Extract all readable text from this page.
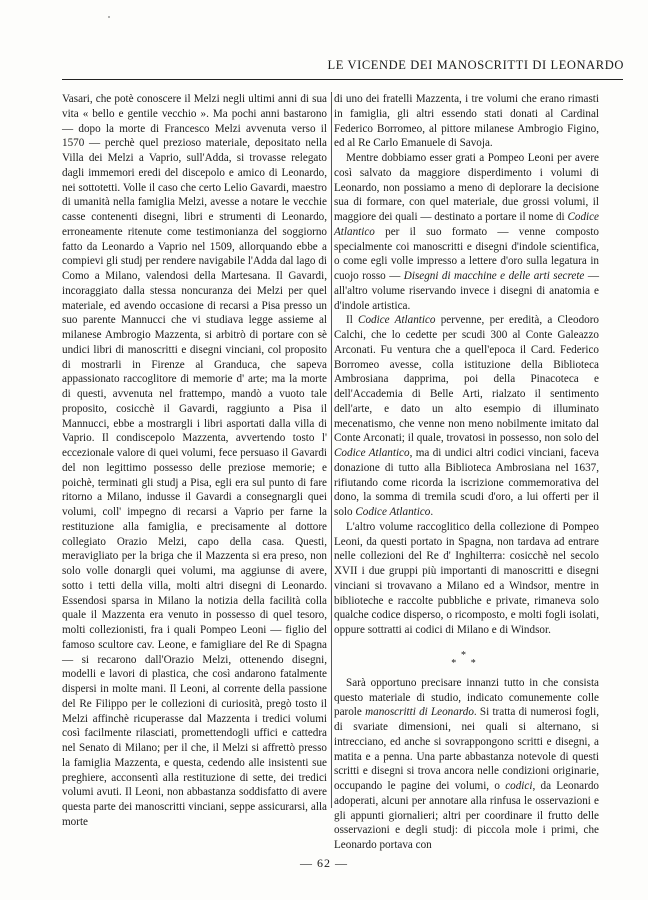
LE VICENDE DEI MANOSCRITTI DI LEONARDO

Vasari, che potè conoscere il Melzi negli ultimi anni di sua vita « bello e gentile vecchio ». Ma pochi anni bastarono — dopo la morte di Francesco Melzi avvenuta verso il 1570 — perchè quel prezioso materiale, depositato nella Villa dei Melzi a Vaprio, sull'Adda, si trovasse relegato dagli immemori eredi del discepolo e amico di Leonardo, nei sottotetti. Volle il caso che certo Lelio Gavardi, maestro di umanità nella famiglia Melzi, avesse a notare le vecchie casse contenenti disegni, libri e strumenti di Leonardo, erroneamente ritenute come testimonianza del soggiorno fatto da Leonardo a Vaprio nel 1509, allorquando ebbe a compievi gli studj per rendere navigabile l'Adda dal lago di Como a Milano, valendosi della Martesana. Il Gavardi, incoraggiato dalla stessa noncuranza dei Melzi per quel materiale, ed avendo occasione di recarsi a Pisa presso un suo parente Mannucci che vi studiava legge assieme al milanese Ambrogio Mazzenta, si arbitrò di portare con sè undici libri di manoscritti e disegni vinciani, col proposito di mostrarli in Firenze al Granduca, che sapeva appassionato raccoglitore di memorie d' arte; ma la morte di questi, avvenuta nel frattempo, mandò a vuoto tale proposito, cosicchè il Gavardi, raggiunto a Pisa il Mannucci, ebbe a mostrargli i libri asportati dalla villa di Vaprio. Il condiscepolo Mazzenta, avvertendo tosto l' eccezionale valore di quei volumi, fece persuaso il Gavardi del non legittimo possesso delle preziose memorie; e poichè, terminati gli studj a Pisa, egli era sul punto di fare ritorno a Milano, indusse il Gavardi a consegnargli quei volumi, coll' impegno di recarsi a Vaprio per farne la restituzione alla famiglia, e precisamente al dottore collegiato Orazio Melzi, capo della casa. Questi, meravigliato per la briga che il Mazzenta si era preso, non solo volle donargli quei volumi, ma aggiunse di avere, sotto i tetti della villa, molti altri disegni di Leonardo. Essendosi sparsa in Milano la notizia della facilità colla quale il Mazzenta era venuto in possesso di quel tesoro, molti collezionisti, fra i quali Pompeo Leoni — figlio del famoso scultore cav. Leone, e famigliare del Re di Spagna — si recarono dall'Orazio Melzi, ottenendo disegni, modelli e lavori di plastica, che così andarono fatalmente dispersi in molte mani. Il Leoni, al corrente della passione del Re Filippo per le collezioni di curiosità, pregò tosto il Melzi affinchè ricuperasse dal Mazzenta i tredici volumi così facilmente rilasciati, promettendogli uffici e cattedra nel Senato di Milano; per il che, il Melzi si affrettò presso la famiglia Mazzenta, e questa, cedendo alle insistenti sue preghiere, acconsentì alla restituzione di sette, dei tredici volumi avuti. Il Leoni, non abbastanza soddisfatto di avere questa parte dei manoscritti vinciani, seppe assicurarsi, alla morte

di uno dei fratelli Mazzenta, i tre volumi che erano rimasti in famiglia, gli altri essendo stati donati al Cardinal Federico Borromeo, al pittore milanese Ambrogio Figino, ed al Re Carlo Emanuele di Savoja.

Mentre dobbiamo esser grati a Pompeo Leoni per avere così salvato da maggiore disperdimento i volumi di Leonardo, non possiamo a meno di deplorare la decisione sua di formare, con quel materiale, due grossi volumi, il maggiore dei quali — destinato a portare il nome di Codice Atlantico per il suo formato — venne composto specialmente coi manoscritti e disegni d'indole scientifica, o come egli volle impresso a lettere d'oro sulla legatura in cuojo rosso — Disegni di macchine e delle arti secrete — all'altro volume riservando invece i disegni di anatomia e d'indole artistica.

Il Codice Atlantico pervenne, per eredità, a Cleodoro Calchi, che lo cedette per scudi 300 al Conte Galeazzo Arconati. Fu ventura che a quell'epoca il Card. Federico Borromeo avesse, colla istituzione della Biblioteca Ambrosiana dapprima, poi della Pinacoteca e dell'Accademia di Belle Arti, rialzato il sentimento dell'arte, e dato un alto esempio di illuminato mecenatismo, che venne non meno nobilmente imitato dal Conte Arconati; il quale, trovatosi in possesso, non solo del Codice Atlantico, ma di undici altri codici vinciani, faceva donazione di tutto alla Biblioteca Ambrosiana nel 1637, rifiutando come ricorda la iscrizione commemorativa del dono, la somma di tremila scudi d'oro, a lui offerti per il solo Codice Atlantico.

L'altro volume raccoglitico della collezione di Pompeo Leoni, da questi portato in Spagna, non tardava ad entrare nelle collezioni del Re d' Inghilterra: cosicchè nel secolo XVII i due gruppi più importanti di manoscritti e disegni vinciani si trovavano a Milano ed a Windsor, mentre in biblioteche e raccolte pubbliche e private, rimaneva solo qualche codice disperso, o ricomposto, e molti fogli isolati, oppure sottratti ai codici di Milano e di Windsor.

*
* *

Sarà opportuno precisare innanzi tutto in che consista questo materiale di studio, indicato comunemente colle parole manoscritti di Leonardo. Si tratta di numerosi fogli, di svariate dimensioni, nei quali si alternano, si intrecciano, ed anche si sovrappongono scritti e disegni, a matita e a penna. Una parte abbastanza notevole di questi scritti e disegni si trova ancora nelle condizioni originarie, occupando le pagine dei volumi, o codici, da Leonardo adoperati, alcuni per annotare alla rinfusa le osservazioni e gli appunti giornalieri; altri per coordinare il frutto delle osservazioni e degli studj: di piccola mole i primi, che Leonardo portava con

— 62 —
